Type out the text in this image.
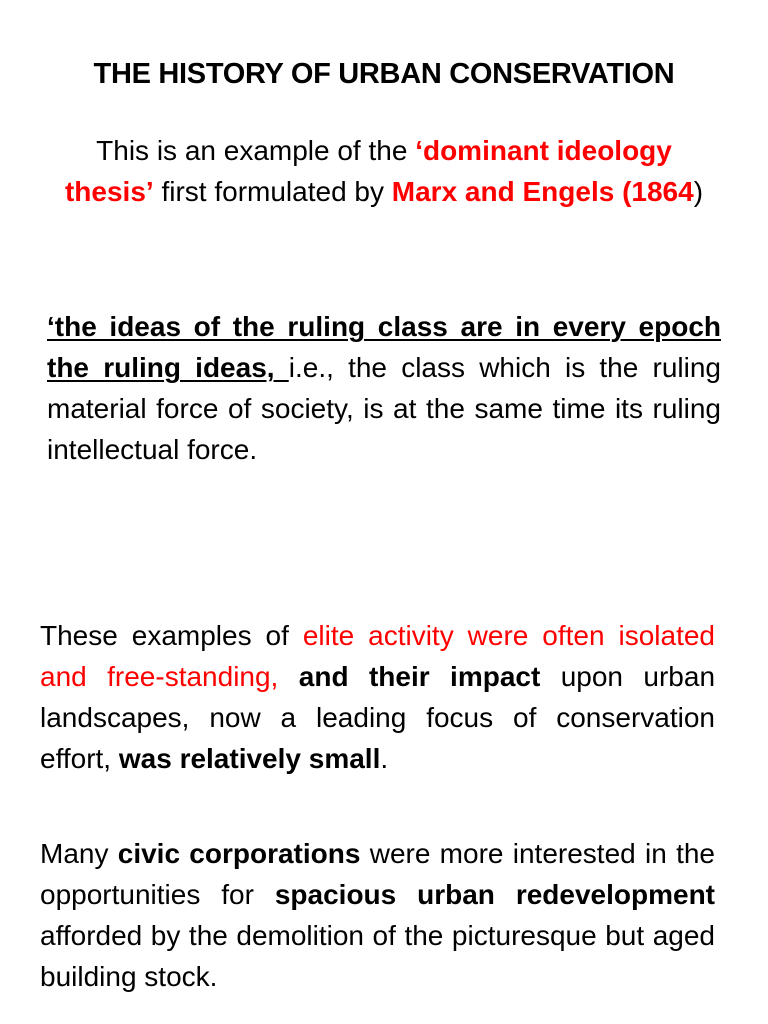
THE HISTORY OF URBAN CONSERVATION
This is an example of the ‘dominant ideology thesis’ first formulated by Marx and Engels (1864)
‘the ideas of the ruling class are in every epoch the ruling ideas, i.e., the class which is the ruling material force of society, is at the same time its ruling intellectual force.
These examples of elite activity were often isolated and free-standing, and their impact upon urban landscapes, now a leading focus of conservation effort, was relatively small.
Many civic corporations were more interested in the opportunities for spacious urban redevelopment afforded by the demolition of the picturesque but aged building stock.
